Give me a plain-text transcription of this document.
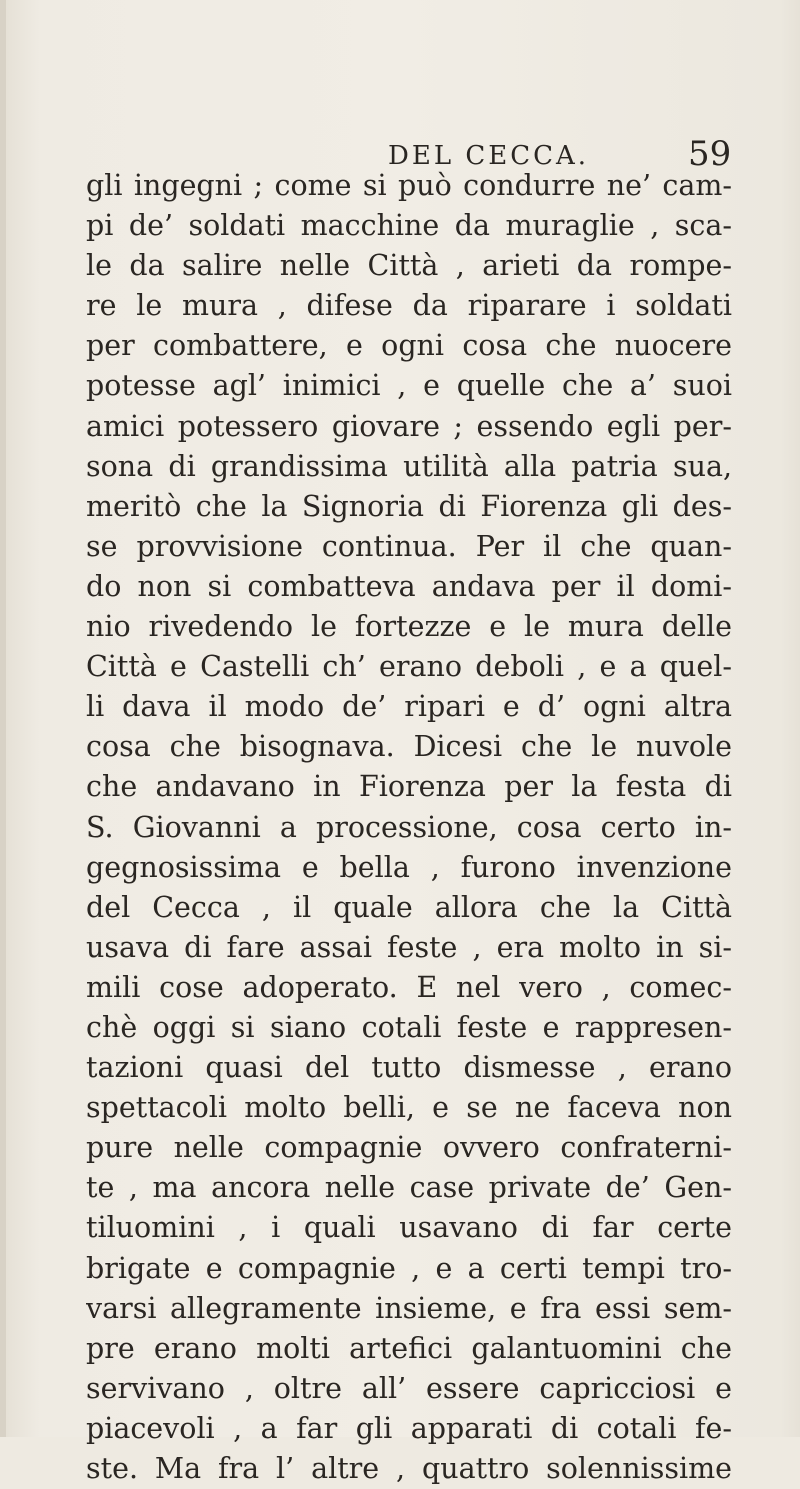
DEL CECCA.	59
gli ingegni ; come si può condurre ne’ cam-
pi de’ soldati macchine da muraglie , sca-
le da salire nelle Città , arieti da rompe-
re le mura , difese da riparare i soldati
per combattere, e ogni cosa che nuocere
potesse agl’ inimici , e quelle che a’ suoi
amici potessero giovare ; essendo egli per-
sona di grandissima utilità alla patria sua,
meritò che la Signoria di Fiorenza gli des-
se provvisione continua. Per il che quan-
do non si combatteva andava per il domi-
nio rivedendo le fortezze e le mura delle
Città e Castelli ch’ erano deboli , e a quel-
li dava il modo de’ ripari e d’ ogni altra
cosa che bisognava. Dicesi che le nuvole
che andavano in Fiorenza per la festa di
S. Giovanni a processione, cosa certo in-
gegnosissima e bella , furono invenzione
del Cecca , il quale allora che la Città
usava di fare assai feste , era molto in si-
mili cose adoperato. E nel vero , comec-
chè oggi si siano cotali feste e rappresen-
tazioni quasi del tutto dismesse , erano
spettacoli molto belli, e se ne faceva non
pure nelle compagnie ovvero confraterni-
te , ma ancora nelle case private de’ Gen-
tiluomini , i quali usavano di far certe
brigate e compagnie , e a certi tempi tro-
varsi allegramente insieme, e fra essi sem-
pre erano molti artefici galantuomini che
servivano , oltre all’ essere capricciosi e
piacevoli , a far gli apparati di cotali fe-
ste. Ma fra l’ altre , quattro solennissime
